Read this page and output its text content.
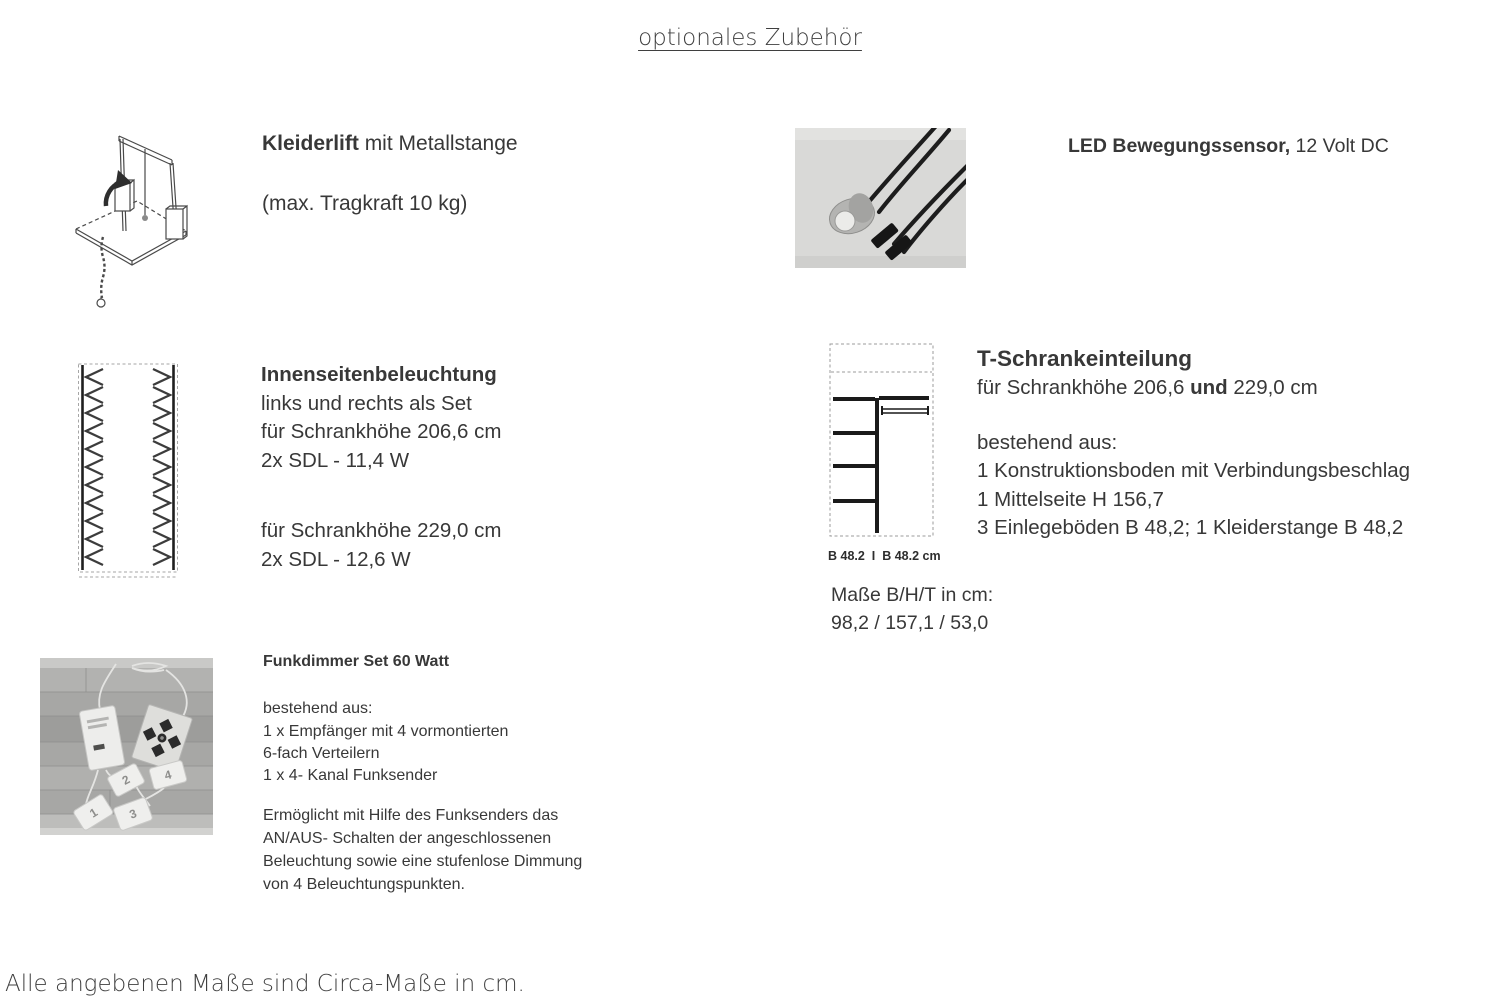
optionales Zubehör
Kleiderlift mit Metallstange
(max. Tragkraft 10 kg)
LED Bewegungssensor, 12 Volt DC
Innenseitenbeleuchtung
links und rechts als Set
für Schrankhöhe 206,6 cm
2x SDL - 11,4 W
für Schrankhöhe 229,0 cm
2x SDL - 12,6 W	B 48.2  I  B 48.2 cm
T-Schrankeinteilung
für Schrankhöhe 206,6 und 229,0 cm
bestehend aus:
1 Konstruktionsboden mit Verbindungsbeschlag
1 Mittelseite H 156,7
3 Einlegeböden B 48,2; 1 Kleiderstange B 48,2
Maße B/H/T in cm:
98,2 / 157,1 / 53,0
2	4
1 3
Funkdimmer Set 60 Watt
bestehend aus:
1 x Empfänger mit 4 vormontierten
6-fach Verteilern
1 x 4- Kanal Funksender
Ermöglicht mit Hilfe des Funksenders das
AN/AUS- Schalten der angeschlossenen
Beleuchtung sowie eine stufenlose Dimmung
von 4 Beleuchtungspunkten.
Alle angebenen Maße sind Circa-Maße in cm.
